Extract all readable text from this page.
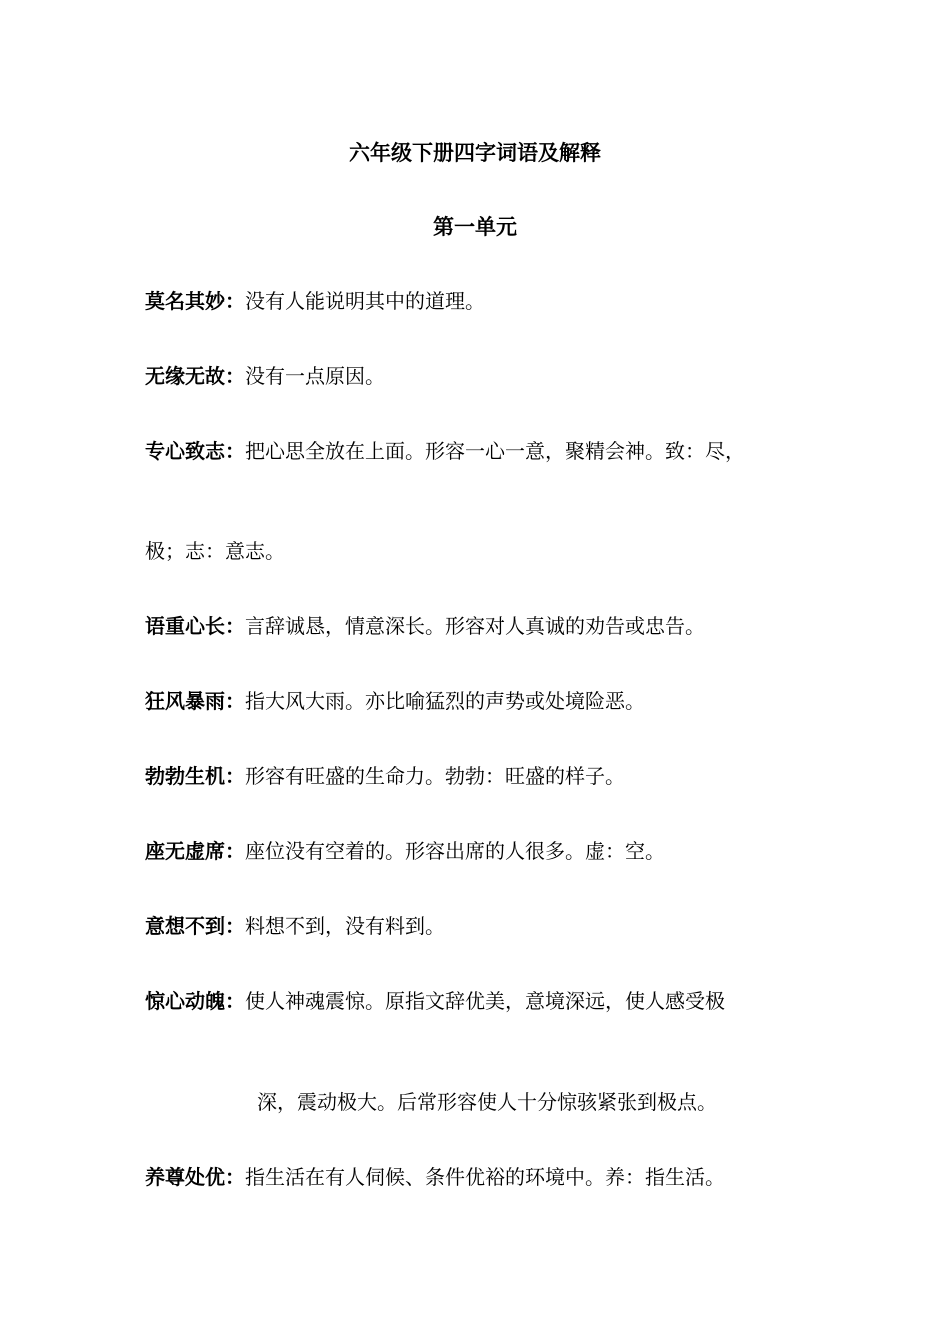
六年级下册四字词语及解释
第一单元
莫名其妙：没有人能说明其中的道理。
无缘无故：没有一点原因。
专心致志：把心思全放在上面。形容一心一意，聚精会神。致：尽，
极；志：意志。
语重心长：言辞诚恳，情意深长。形容对人真诚的劝告或忠告。
狂风暴雨：指大风大雨。亦比喻猛烈的声势或处境险恶。
勃勃生机：形容有旺盛的生命力。勃勃：旺盛的样子。
座无虚席：座位没有空着的。形容出席的人很多。虚：空。
意想不到：料想不到，没有料到。
惊心动魄：使人神魂震惊。原指文辞优美，意境深远，使人感受极
深，震动极大。后常形容使人十分惊骇紧张到极点。
养尊处优：指生活在有人伺候、条件优裕的环境中。养：指生活。
